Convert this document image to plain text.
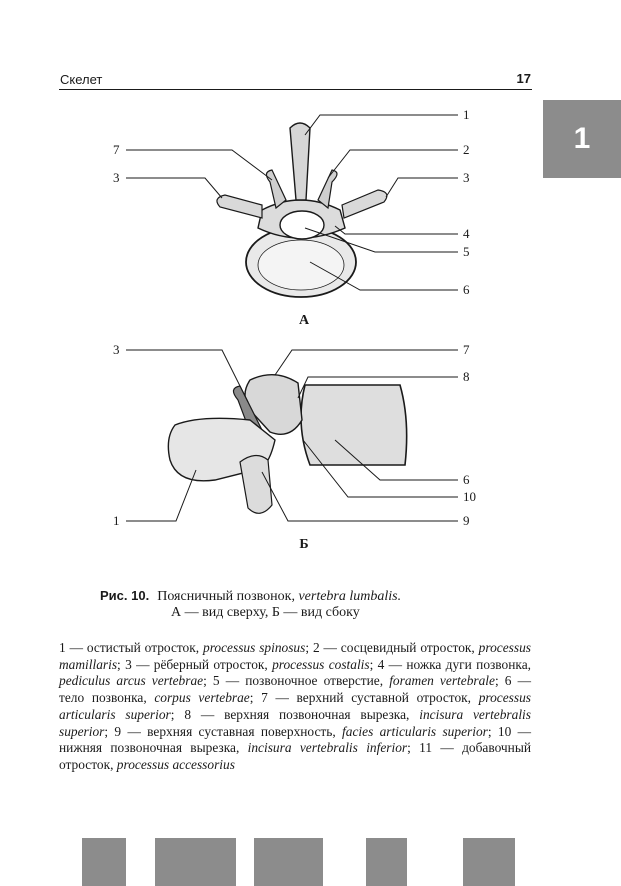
Скелет	17
1
1
7	2
3	3
4
5
6
А
3	7
8
6
10
1	9
Б
Рис. 10. Поясничный позвонок, vertebra lumbalis.
А — вид сверху, Б — вид сбоку
1 — остистый отросток, processus spinosus; 2 — сосцевидный отросток, processus mamillaris; 3 — рёберный отросток, processus costalis; 4 — ножка дуги позвонка, pediculus arcus vertebrae; 5 — позвоночное отверстие, foramen vertebrale; 6 — тело позвонка, corpus vertebrae; 7 — верхний суставной отросток, processus articularis superior; 8 — верхняя позвоночная вырезка, incisura vertebralis superior; 9 — верхняя суставная поверхность, facies articularis superior; 10 — нижняя позвоночная вырезка, incisura vertebralis inferior; 11 — добавочный отросток, processus accessorius
